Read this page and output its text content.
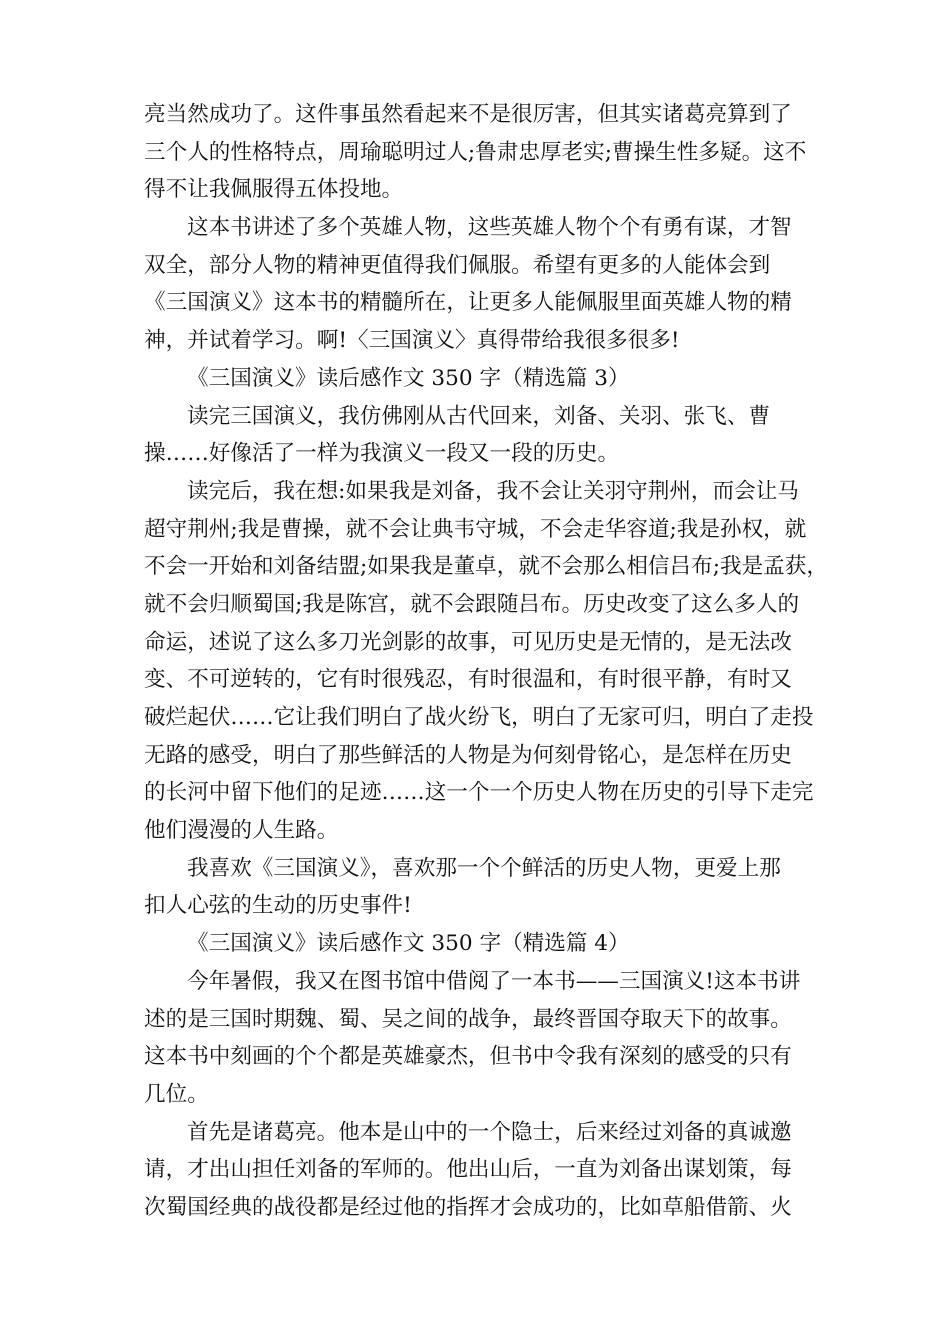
亮当然成功了。这件事虽然看起来不是很厉害，但其实诸葛亮算到了
三个人的性格特点，周瑜聪明过人;鲁肃忠厚老实;曹操生性多疑。这不
得不让我佩服得五体投地。
这本书讲述了多个英雄人物，这些英雄人物个个有勇有谋，才智
双全，部分人物的精神更值得我们佩服。希望有更多的人能体会到
《三国演义》这本书的精髓所在，让更多人能佩服里面英雄人物的精
神，并试着学习。啊!〈三国演义〉真得带给我很多很多!
《三国演义》读后感作文 350 字（精选篇 3）
读完三国演义，我仿佛刚从古代回来，刘备、关羽、张飞、曹
操……好像活了一样为我演义一段又一段的历史。
读完后，我在想:如果我是刘备，我不会让关羽守荆州，而会让马
超守荆州;我是曹操，就不会让典韦守城，不会走华容道;我是孙权，就
不会一开始和刘备结盟;如果我是董卓，就不会那么相信吕布;我是孟获，
就不会归顺蜀国;我是陈宫，就不会跟随吕布。历史改变了这么多人的
命运，述说了这么多刀光剑影的故事，可见历史是无情的，是无法改
变、不可逆转的，它有时很残忍，有时很温和，有时很平静，有时又
破烂起伏……它让我们明白了战火纷飞，明白了无家可归，明白了走投
无路的感受，明白了那些鲜活的人物是为何刻骨铭心，是怎样在历史
的长河中留下他们的足迹……这一个一个历史人物在历史的引导下走完
他们漫漫的人生路。
我喜欢《三国演义》，喜欢那一个个鲜活的历史人物，更爱上那
扣人心弦的生动的历史事件!
《三国演义》读后感作文 350 字（精选篇 4）
今年暑假，我又在图书馆中借阅了一本书——三国演义!这本书讲
述的是三国时期魏、蜀、吴之间的战争，最终晋国夺取天下的故事。
这本书中刻画的个个都是英雄豪杰，但书中令我有深刻的感受的只有
几位。
首先是诸葛亮。他本是山中的一个隐士，后来经过刘备的真诚邀
请，才出山担任刘备的军师的。他出山后，一直为刘备出谋划策，每
次蜀国经典的战役都是经过他的指挥才会成功的，比如草船借箭、火
